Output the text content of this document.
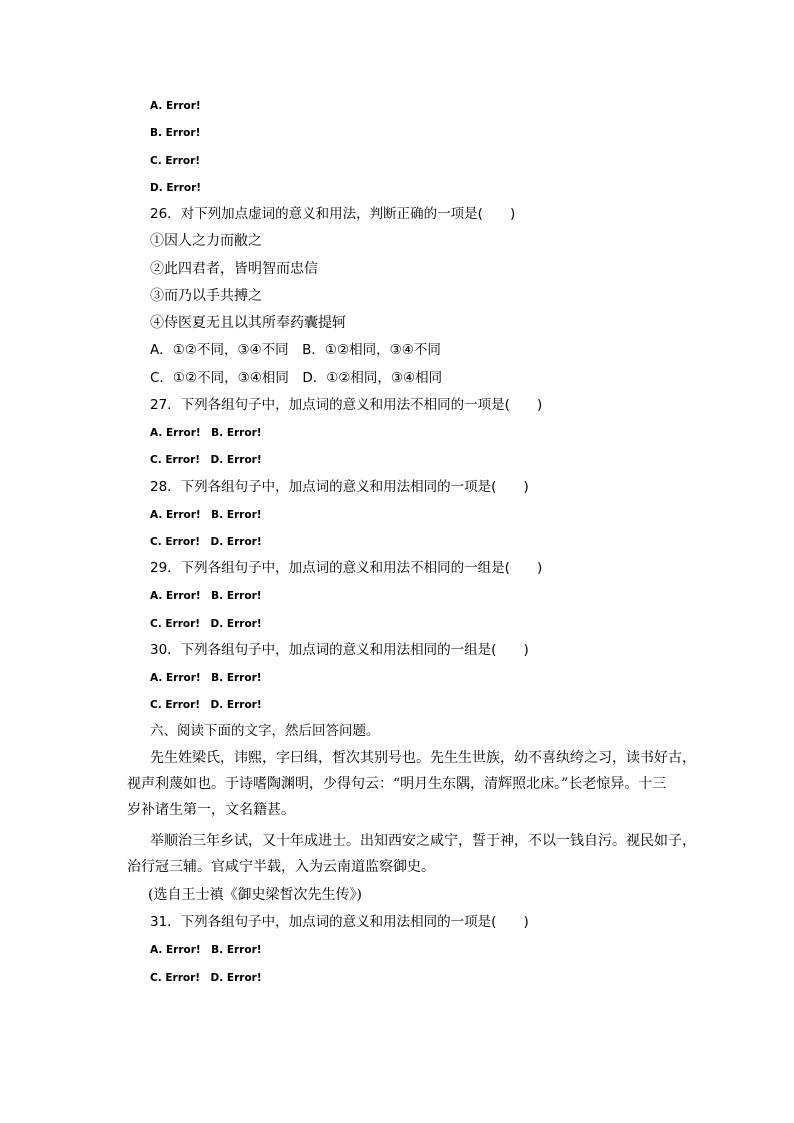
A. Error!
B. Error!
C. Error!
D. Error!
26．对下列加点虚词的意义和用法，判断正确的一项是(　　)
①因人之力而敝之
②此四君者，皆明智而忠信
③而乃以手共搏之
④侍医夏无且以其所奉药囊提轲
A．①②不同，③④不同　B．①②相同，③④不同
C．①②不同，③④相同　D．①②相同，③④相同
27．下列各组句子中，加点词的意义和用法不相同的一项是(　　)
A. Error!　B. Error!
C. Error!　D. Error!
28．下列各组句子中，加点词的意义和用法相同的一项是(　　)
A. Error!　B. Error!
C. Error!　D. Error!
29．下列各组句子中，加点词的意义和用法不相同的一组是(　　)
A. Error!　B. Error!
C. Error!　D. Error!
30．下列各组句子中，加点词的意义和用法相同的一组是(　　)
A. Error!　B. Error!
C. Error!　D. Error!
六、阅读下面的文字，然后回答问题。
先生姓梁氏，讳熙，字曰缉，皙次其别号也。先生生世族，幼不喜纨绔之习，读书好古，
视声利蔑如也。于诗嗜陶渊明，少得句云：“明月生东隅，清辉照北床。”长老惊异。十三
岁补诸生第一，文名籍甚。
举顺治三年乡试，又十年成进士。出知西安之咸宁，誓于神，不以一钱自污。视民如子，
治行冠三辅。官咸宁半载，入为云南道监察御史。
(选自王士禛《御史梁皙次先生传》)
31．下列各组句子中，加点词的意义和用法相同的一项是(　　)
A. Error!　B. Error!
C. Error!　D. Error!
